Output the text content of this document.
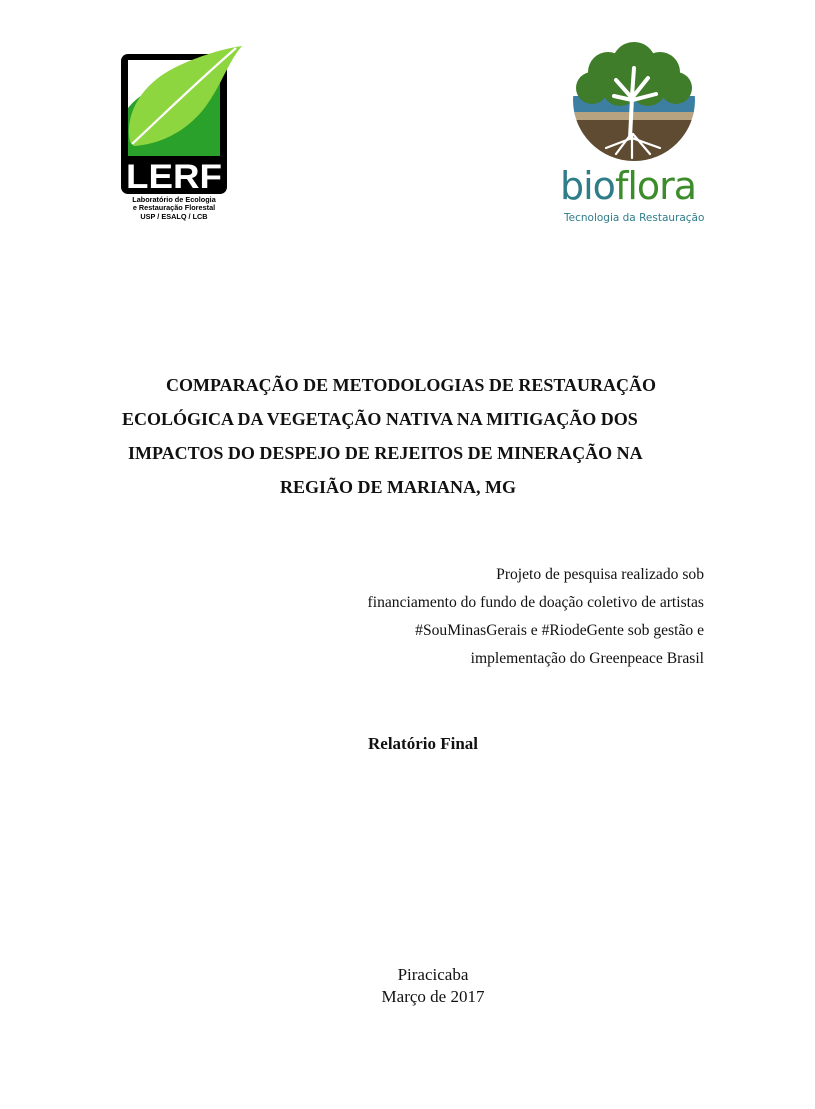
LERF
Laboratório de Ecologia
e Restauração Florestal
USP / ESALQ / LCB
bioflora
Tecnologia da Restauração
COMPARAÇÃO DE METODOLOGIAS DE RESTAURAÇÃO
ECOLÓGICA DA VEGETAÇÃO NATIVA NA MITIGAÇÃO DOS
IMPACTOS DO DESPEJO DE REJEITOS DE MINERAÇÃO NA
REGIÃO DE MARIANA, MG
Projeto de pesquisa realizado sob
financiamento do fundo de doação coletivo de artistas
#SouMinasGerais e #RiodeGente sob gestão e
implementação do Greenpeace Brasil
Relatório Final
Piracicaba
Março de 2017
